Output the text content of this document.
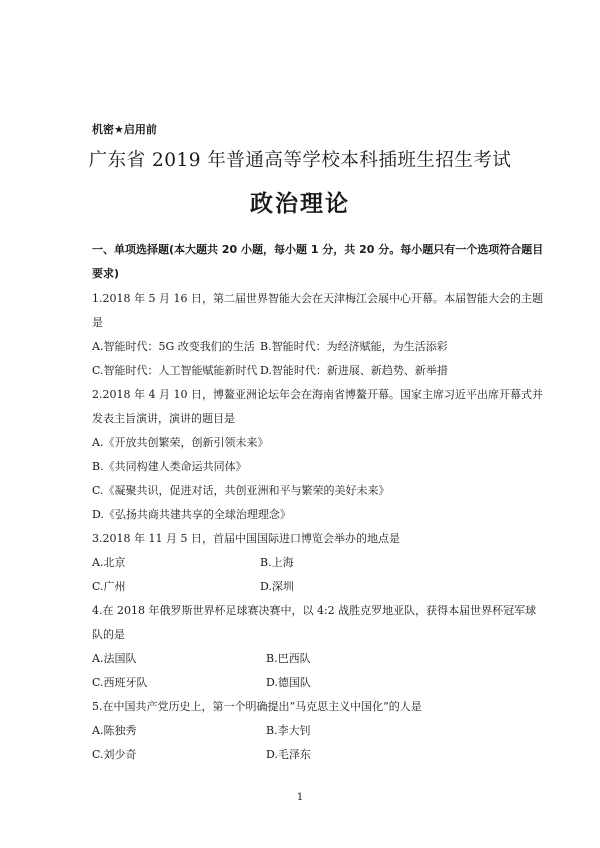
机密★启用前
广东省 2019 年普通高等学校本科插班生招生考试
政治理论
一、单项选择题(本大题共 20 小题，每小题 1 分，共 20 分。每小题只有一个选项符合题目
要求)
1.2018 年 5 月 16 日，第二届世界智能大会在天津梅江会展中心开幕。本届智能大会的主题
是
A.智能时代：5G 改变我们的生活 B.智能时代：为经济赋能，为生活添彩
C.智能时代：人工智能赋能新时代 D.智能时代：新进展、新趋势、新举措
2.2018 年 4 月 10 日，博鳌亚洲论坛年会在海南省博鳌开幕。国家主席习近平出席开幕式并
发表主旨演讲，演讲的题目是
A.《开放共创繁荣，创新引领未来》
B.《共同构建人类命运共同体》
C.《凝聚共识，促进对话，共创亚洲和平与繁荣的美好未来》
D.《弘扬共商共建共享的全球治理理念》
3.2018 年 11 月 5 日，首届中国国际进口博览会举办的地点是
A.北京	B.上海
C.广州	D.深圳
4.在 2018 年俄罗斯世界杯足球赛决赛中，以 4:2 战胜克罗地亚队，获得本届世界杯冠军球
队的是
A.法国队	B.巴西队
C.西班牙队	D.德国队
5.在中国共产党历史上，第一个明确提出“马克思主义中国化”的人是
A.陈独秀	B.李大钊
C.刘少奇	D.毛泽东
1
